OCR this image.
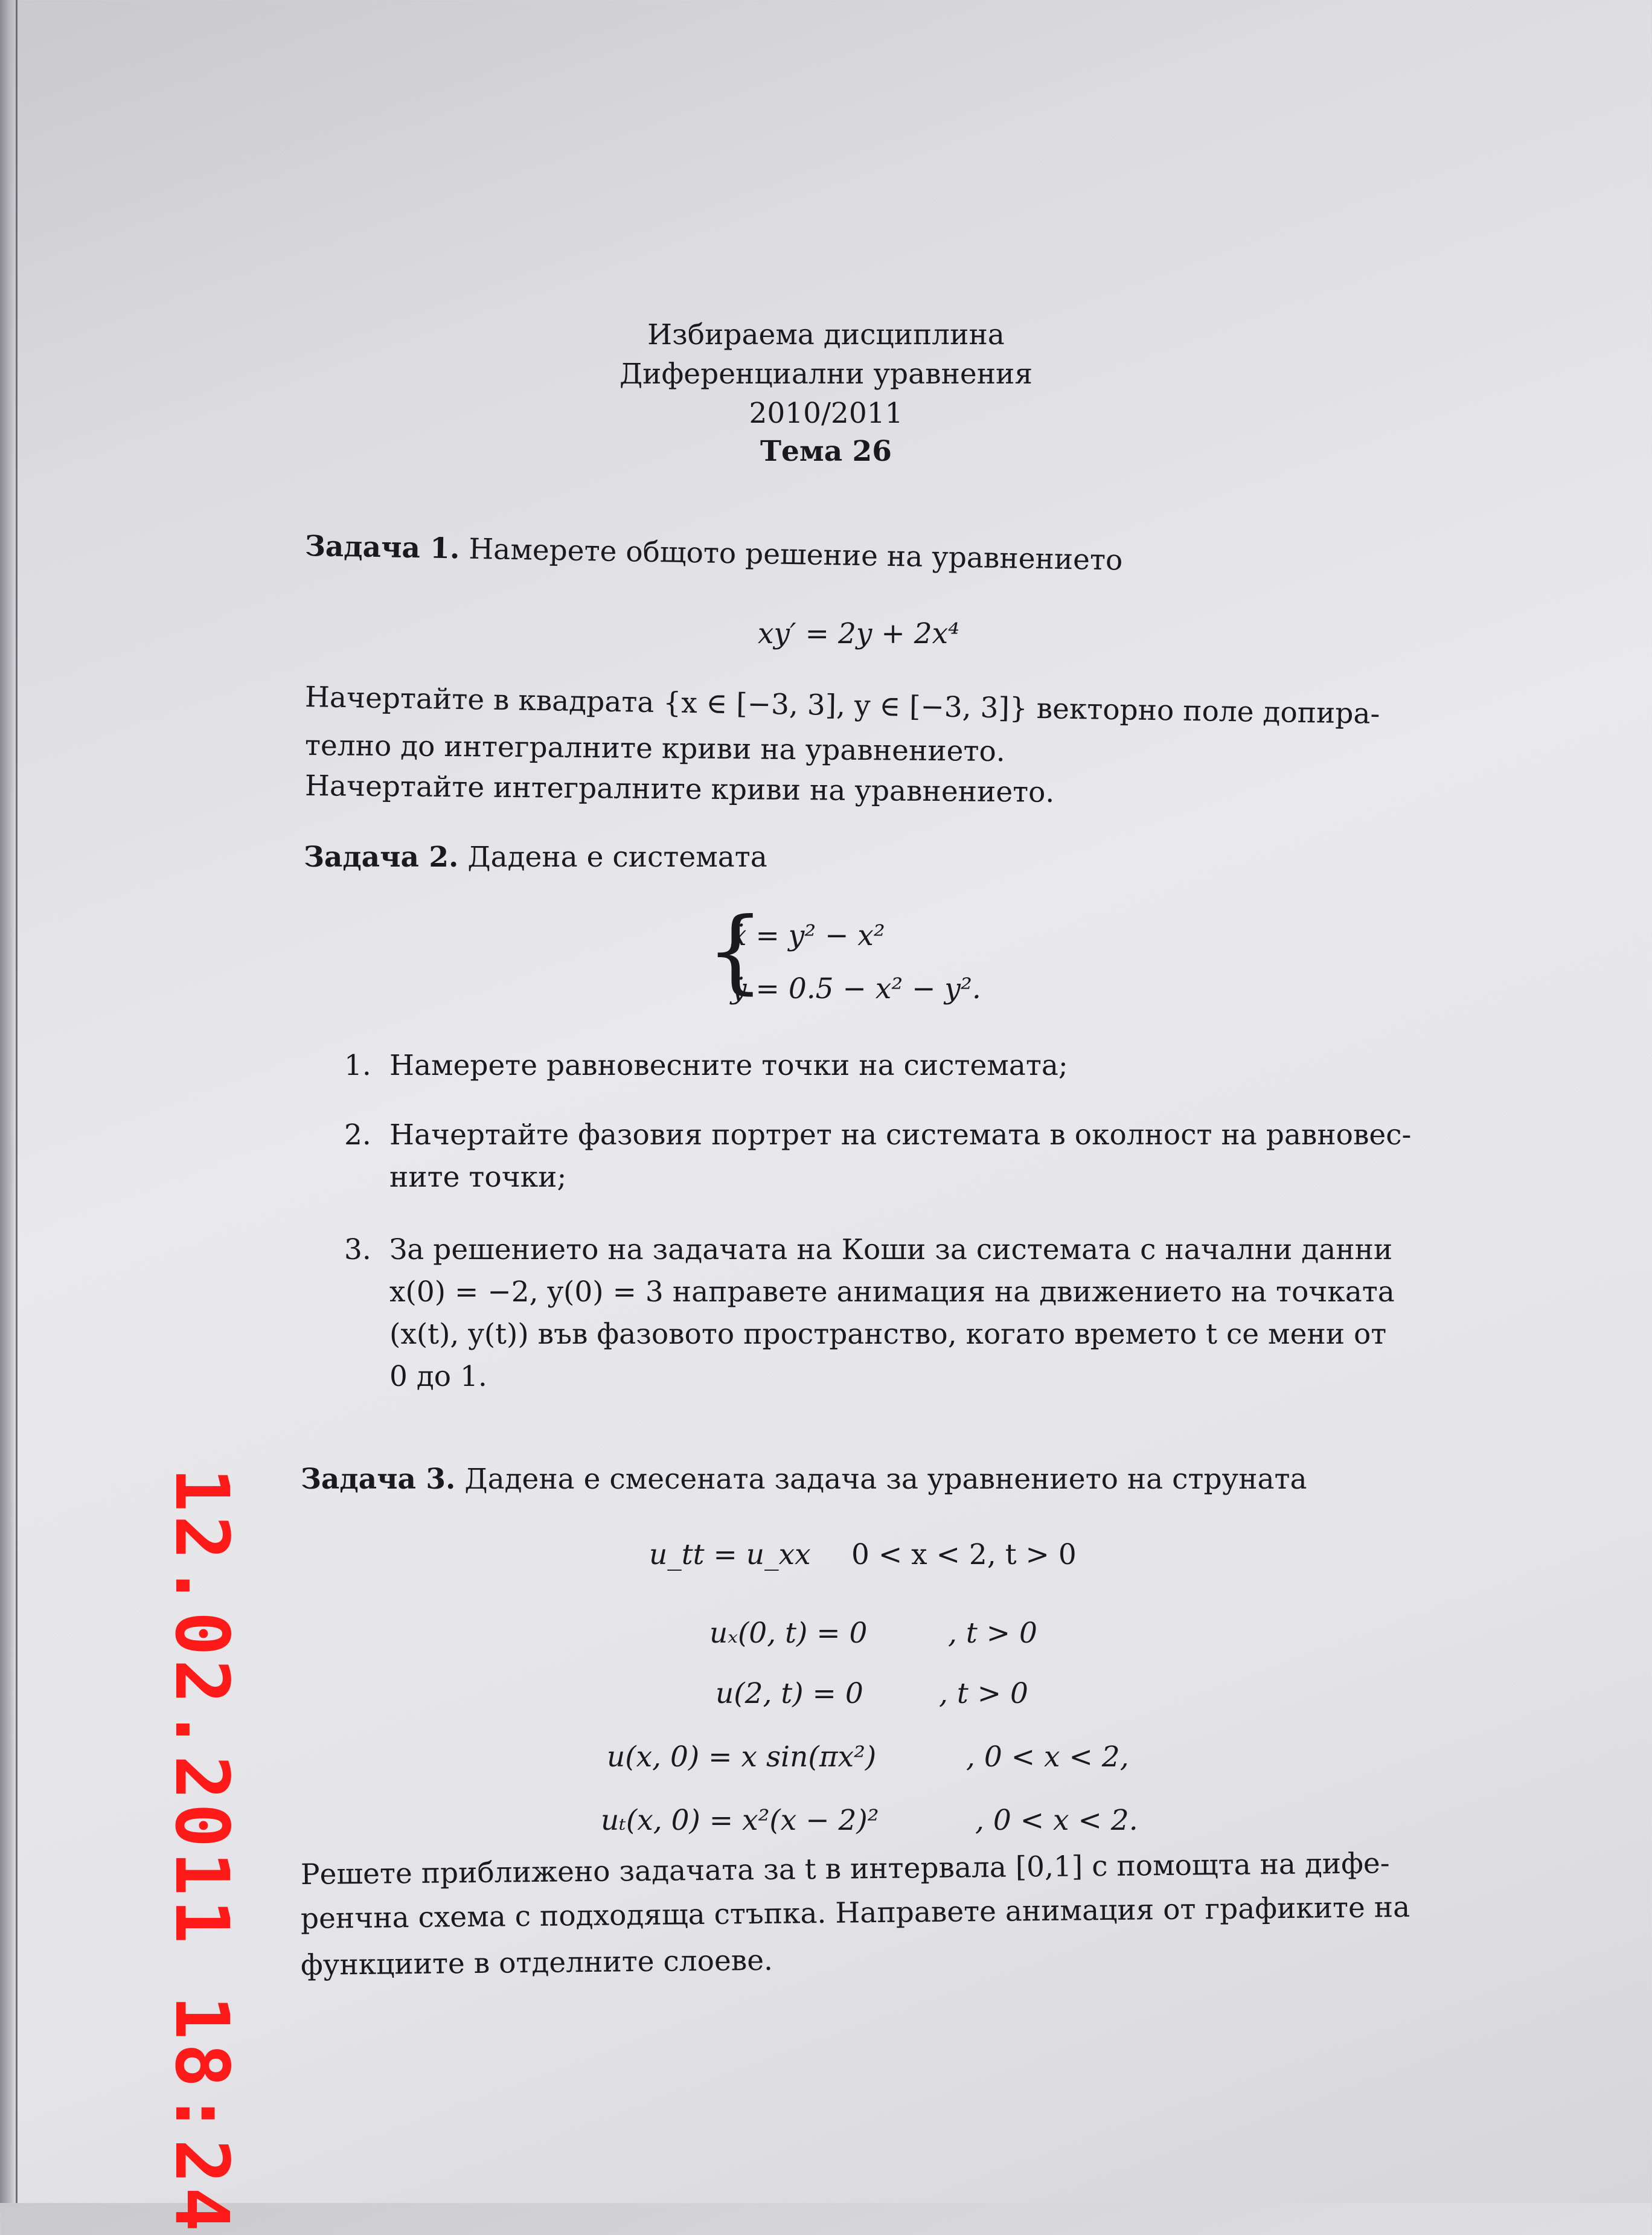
Избираема дисциплина
Диференциални уравнения
2010/2011
Тема 26
Задача 1. Намерете общото решение на уравнението
xy′ = 2y + 2x⁴
Начертайте в квадрата {x ∈ [−3, 3], y ∈ [−3, 3]} векторно поле допира-
телно до интегралните криви на уравнението.
Начертайте интегралните криви на уравнението.
Задача 2. Дадена е системата
{
ẋ = y² − x²
ẏ = 0.5 − x² − y².
1. Намерете равновесните точки на системата;
2. Начертайте фазовия портрет на системата в околност на равновес-
ните точки;
3. За решението на задачата на Коши за системата с начални данни
x(0) = −2, y(0) = 3 направете анимация на движението на точката
(x(t), y(t)) във фазовото пространство, когато времето t се мени от
0 до 1.
Задача 3. Дадена е смесената задача за уравнението на струната
u_tt = u_xx 0 < x < 2, t > 0
uₓ(0, t) = 0	, t > 0
u(2, t) = 0	, t > 0
u(x, 0) = x sin(πx²)	, 0 < x < 2,
uₜ(x, 0) = x²(x − 2)²	, 0 < x < 2.
Решете приближено задачата за t в интервала [0,1] с помощта на дифе-
ренчна схема с подходяща стъпка. Направете анимация от графиките на
функциите в отделните слоеве.
12.02.2011 18:24
